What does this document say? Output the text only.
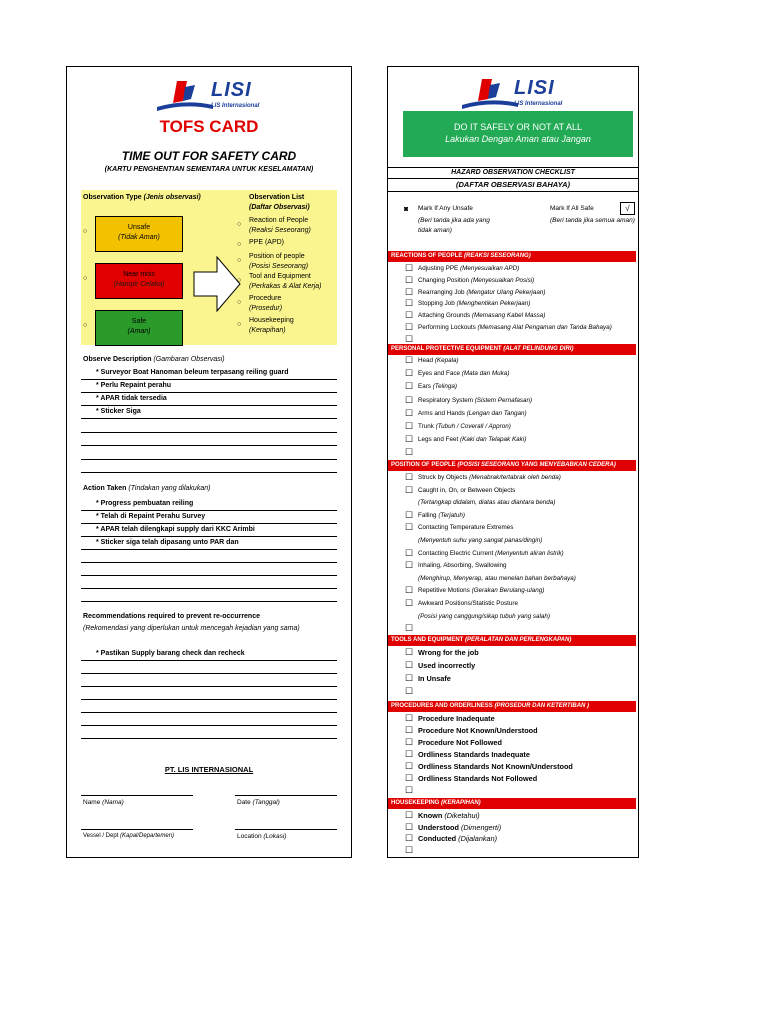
LISI
LIS Internasional
TOFS CARD
TIME OUT FOR SAFETY CARD
(KARTU PENGHENTIAN SEMENTARA UNTUK KESELAMATAN)
Observation Type (Jenis observasi)	Observation List
(Daftar Observasi)
Unsafe
(Tidak Aman)
Near miss
(Hampir Celaka)
Safe
(Aman)
○
Reaction of People
(Reaksi Seseorang)
○ PPE (APD)
○
Position of people
(Posisi Seseorang)
○
Tool and Equipment
(Perkakas & Alat Kerja)
○
Procedure
(Prosedur)
○
Housekeeping
(Kerapihan)
○
○
○
Observe Description (Gambaran Observasi)
* Surveyor Boat Hanoman beleum terpasang reiling guard
* Perlu Repaint perahu
* APAR tidak tersedia
* Sticker Siga
Action Taken (Tindakan yang dilakukan)
* Progress pembuatan reiling
* Telah di Repaint Perahu Survey
* APAR telah dilengkapi supply dari KKC Arimbi
* Sticker siga telah dipasang unto PAR dan
Recommendations required to prevent re-occurrence
(Rekomendasi yang diperlukan untuk mencegah kejadian yang sama)
* Pastikan Supply barang check dan recheck
PT. LIS INTERNASIONAL
Name (Nama)	Date (Tanggal)
Vessel / Dept (Kapal/Departemen)	Location (Lokasi)
LISI
LIS Internasional
DO IT SAFELY OR NOT AT ALL
Lakukan Dengan Aman atau Jangan
HAZARD OBSERVATION CHECKLIST
(DAFTAR OBSERVASI BAHAYA)
◙ Mark If Any Unsafe
(Beri tanda jika ada yang tidak aman)
Mark If All Safe	√
(Beri tanda jika semua aman)
REACTIONS OF PEOPLE (REAKSI SESEORANG)
☐ Adjusting PPE (Menyesuaikan APD)
☐ Changing Position (Menyesuaikan Posisi)
☐ Rearranging Job (Mengatur Ulang Pekerjaan)
☐ Stopping Job (Menghentikan Pekerjaan)
☐ Attaching Grounds (Memasang Kabel Massa)
☐ Performing Lockouts (Memasang Alat Pengaman dan Tanda Bahaya)
☐
PERSONAL PROTECTIVE EQUIPMENT (ALAT PELINDUNG DIRI)
☐ Head (Kepala)
☐ Eyes and Face (Mata dan Muka)
☐ Ears (Telinga)
☐ Respiratory System (Sistem Pernafasan)
☐ Arms and Hands (Lengan dan Tangan)
☐ Trunk (Tubuh / Coverall / Appron)
☐ Legs and Feet (Kaki dan Telapak Kaki)
☐
POSITION OF PEOPLE (POSISI SESEORANG YANG MENYEBABKAN CEDERA)
☐ Struck by Objects (Menabrak/tertabrak oleh benda)
☐ Caught in, On, or Between Objects
(Tertangkap didalam, diatas atau diantara benda)
☐ Falling (Terjatuh)
☐ Contacting Temperature Extremes
(Menyentuh suhu yang sangat panas/dingin)
☐ Contacting Electric Current (Menyentuh aliran listrik)
☐ Inhaling, Absorbing, Swallowing
(Menghirup, Menyerap, atau menelan bahan berbahaya)
☐ Repetitive Motions (Gerakan Berulang-ulang)
☐ Awkward Positions/Statistic Posture
(Posisi yang canggung/sikap tubuh yang salah)
☐
TOOLS AND EQUIPMENT (PERALATAN DAN PERLENGKAPAN)
☐ Wrong for the job
☐ Used incorrectly
☐ In Unsafe
☐
PROCEDURES AND ORDERLINESS (PROSEDUR DAN KETERTIBAN )
☐ Procedure Inadequate
☐ Procedure Not Known/Understood
☐ Procedure Not Followed
☐ Ordliness Standards Inadequate
☐ Ordliness Standards Not Known/Understood
☐ Ordliness Standards Not Followed
☐
HOUSEKEEPING (KERAPIHAN)
☐ Known (Diketahui)
☐ Understood (Dimengerti)
☐ Conducted (Dijalankan)
☐
